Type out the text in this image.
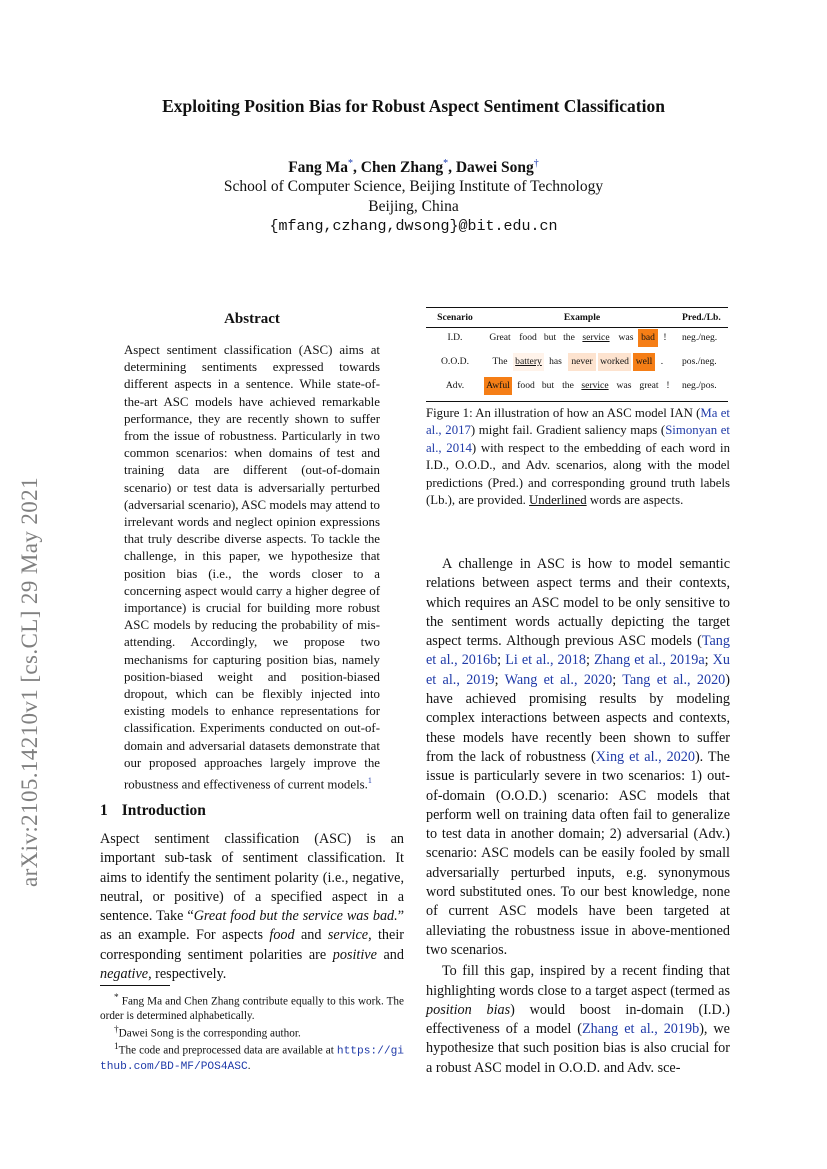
Exploiting Position Bias for Robust Aspect Sentiment Classification
Fang Ma*, Chen Zhang*, Dawei Song†
School of Computer Science, Beijing Institute of Technology
Beijing, China
{mfang,czhang,dwsong}@bit.edu.cn
arXiv:2105.14210v1 [cs.CL] 29 May 2021
Abstract
Aspect sentiment classification (ASC) aims at determining sentiments expressed towards different aspects in a sentence. While state-of-the-art ASC models have achieved remarkable performance, they are recently shown to suffer from the issue of robustness. Particularly in two common scenarios: when domains of test and training data are different (out-of-domain scenario) or test data is adversarially perturbed (adversarial scenario), ASC models may attend to irrelevant words and neglect opinion expressions that truly describe diverse aspects. To tackle the challenge, in this paper, we hypothesize that position bias (i.e., the words closer to a concerning aspect would carry a higher degree of importance) is crucial for building more robust ASC models by reducing the probability of mis-attending. Accordingly, we propose two mechanisms for capturing position bias, namely position-biased weight and position-biased dropout, which can be flexibly injected into existing models to enhance representations for classification. Experiments conducted on out-of-domain and adversarial datasets demonstrate that our proposed approaches largely improve the robustness and effectiveness of current models.$^1$
1 Introduction
Aspect sentiment classification (ASC) is an important sub-task of sentiment classification. It aims to identify the sentiment polarity (i.e., negative, neutral, or positive) of a specified aspect in a sentence. Take “Great food but the service was bad.” as an example. For aspects food and service, their corresponding sentiment polarities are positive and negative, respectively.

* Fang Ma and Chen Zhang contribute equally to this work. The order is determined alphabetically.

†Dawei Song is the corresponding author.

$^1$The code and preprocessed data are available at https://github.com/BD-MF/POS4ASC.

Scenario	Example	Pred./Lb.
I.D.	Great food but the service was bad !	neg./neg.
O.O.D.	The battery has never worked well .	pos./neg.
Adv.	Awful food but the service was great !	neg./pos.
Figure 1: An illustration of how an ASC model IAN (Ma et al., 2017) might fail. Gradient saliency maps (Simonyan et al., 2014) with respect to the embedding of each word in I.D., O.O.D., and Adv. scenarios, along with the model predictions (Pred.) and corresponding ground truth labels (Lb.), are provided. Underlined words are aspects.

A challenge in ASC is how to model semantic relations between aspect terms and their contexts, which requires an ASC model to be only sensitive to the sentiment words actually depicting the target aspect terms. Although previous ASC models (Tang et al., 2016b; Li et al., 2018; Zhang et al., 2019a; Xu et al., 2019; Wang et al., 2020; Tang et al., 2020) have achieved promising results by modeling complex interactions between aspects and contexts, these models have recently been shown to suffer from the lack of robustness (Xing et al., 2020). The issue is particularly severe in two scenarios: 1) out-of-domain (O.O.D.) scenario: ASC models that perform well on training data often fail to generalize to test data in another domain; 2) adversarial (Adv.) scenario: ASC models can be easily fooled by small adversarially perturbed inputs, e.g. synonymous word substituted ones. To our best knowledge, none of current ASC models have been targeted at alleviating the robustness issue in above-mentioned two scenarios.

To fill this gap, inspired by a recent finding that highlighting words close to a target aspect (termed as position bias) would boost in-domain (I.D.) effectiveness of a model (Zhang et al., 2019b), we hypothesize that such position bias is also crucial for a robust ASC model in O.O.D. and Adv. sce-
